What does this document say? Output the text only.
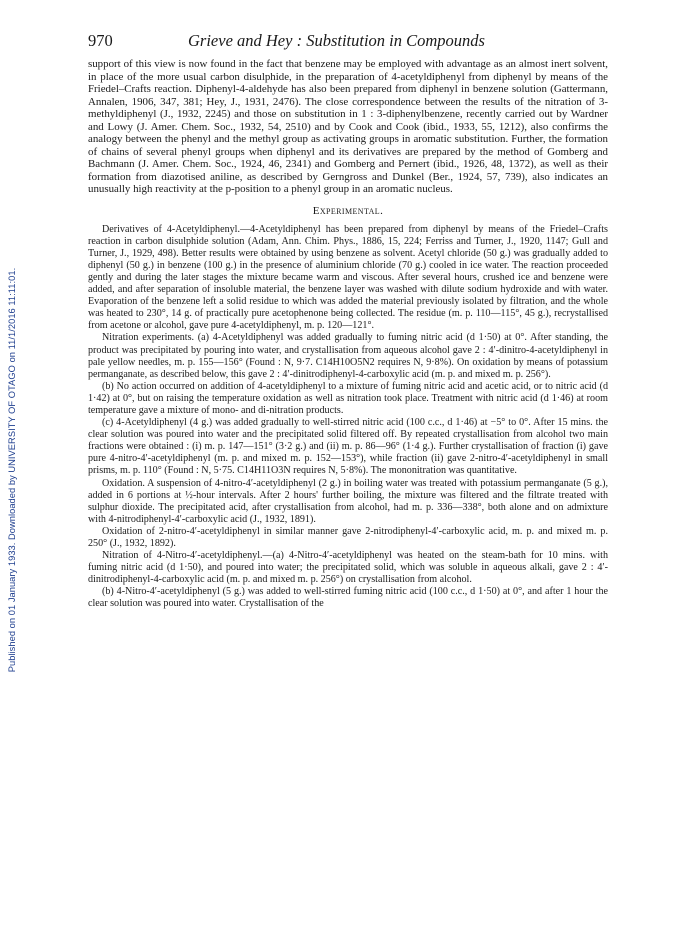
Published on 01 January 1933. Downloaded by UNIVERSITY OF OTAGO on 11/1/2016 11:11:01.
970	Grieve and Hey : Substitution in Compounds

support of this view is now found in the fact that benzene may be employed with advantage as an almost inert solvent, in place of the more usual carbon disulphide, in the preparation of 4-acetyldiphenyl from diphenyl by means of the Friedel–Crafts reaction. Diphenyl-4-aldehyde has also been prepared from diphenyl in benzene solution (Gattermann, Annalen, 1906, 347, 381; Hey, J., 1931, 2476). The close correspondence between the results of the nitration of 3-methyldiphenyl (J., 1932, 2245) and those on substitution in 1 : 3-diphenylbenzene, recently carried out by Wardner and Lowy (J. Amer. Chem. Soc., 1932, 54, 2510) and by Cook and Cook (ibid., 1933, 55, 1212), also confirms the analogy between the phenyl and the methyl group as activating groups in aromatic substitution. Further, the formation of chains of several phenyl groups when diphenyl and its derivatives are prepared by the method of Gomberg and Bachmann (J. Amer. Chem. Soc., 1924, 46, 2341) and Gomberg and Pernert (ibid., 1926, 48, 1372), as well as their formation from diazotised aniline, as described by Gerngross and Dunkel (Ber., 1924, 57, 739), also indicates an unusually high reactivity at the p-position to a phenyl group in an aromatic nucleus.

Experimental.

Derivatives of 4-Acetyldiphenyl.—4-Acetyldiphenyl has been prepared from diphenyl by means of the Friedel–Crafts reaction in carbon disulphide solution (Adam, Ann. Chim. Phys., 1886, 15, 224; Ferriss and Turner, J., 1920, 1147; Gull and Turner, J., 1929, 498). Better results were obtained by using benzene as solvent. Acetyl chloride (50 g.) was gradually added to diphenyl (50 g.) in benzene (100 g.) in the presence of aluminium chloride (70 g.) cooled in ice water. The reaction proceeded gently and during the later stages the mixture became warm and viscous. After several hours, crushed ice and benzene were added, and after separation of insoluble material, the benzene layer was washed with dilute sodium hydroxide and with water. Evaporation of the benzene left a solid residue to which was added the material previously isolated by filtration, and the whole was heated to 230°, 14 g. of practically pure acetophenone being collected. The residue (m. p. 110—115°, 45 g.), recrystallised from acetone or alcohol, gave pure 4-acetyldiphenyl, m. p. 120—121°.

Nitration experiments. (a) 4-Acetyldiphenyl was added gradually to fuming nitric acid (d 1·50) at 0°. After standing, the product was precipitated by pouring into water, and crystallisation from aqueous alcohol gave 2 : 4′-dinitro-4-acetyldiphenyl in pale yellow needles, m. p. 155—156° (Found : N, 9·7. C14H10O5N2 requires N, 9·8%). On oxidation by means of potassium permanganate, as described below, this gave 2 : 4′-dinitrodiphenyl-4-carboxylic acid (m. p. and mixed m. p. 256°).

(b) No action occurred on addition of 4-acetyldiphenyl to a mixture of fuming nitric acid and acetic acid, or to nitric acid (d 1·42) at 0°, but on raising the temperature oxidation as well as nitration took place. Treatment with nitric acid (d 1·46) at room temperature gave a mixture of mono- and di-nitration products.

(c) 4-Acetyldiphenyl (4 g.) was added gradually to well-stirred nitric acid (100 c.c., d 1·46) at −5° to 0°. After 15 mins. the clear solution was poured into water and the precipitated solid filtered off. By repeated crystallisation from alcohol two main fractions were obtained : (i) m. p. 147—151° (3·2 g.) and (ii) m. p. 86—96° (1·4 g.). Further crystallisation of fraction (i) gave pure 4-nitro-4′-acetyldiphenyl (m. p. and mixed m. p. 152—153°), while fraction (ii) gave 2-nitro-4′-acetyldiphenyl in small prisms, m. p. 110° (Found : N, 5·75. C14H11O3N requires N, 5·8%). The mononitration was quantitative.

Oxidation. A suspension of 4-nitro-4′-acetyldiphenyl (2 g.) in boiling water was treated with potassium permanganate (5 g.), added in 6 portions at ½-hour intervals. After 2 hours' further boiling, the mixture was filtered and the filtrate treated with sulphur dioxide. The precipitated acid, after crystallisation from alcohol, had m. p. 336—338°, both alone and on admixture with 4-nitrodiphenyl-4′-carboxylic acid (J., 1932, 1891).

Oxidation of 2-nitro-4′-acetyldiphenyl in similar manner gave 2-nitrodiphenyl-4′-carboxylic acid, m. p. and mixed m. p. 250° (J., 1932, 1892).

Nitration of 4-Nitro-4′-acetyldiphenyl.—(a) 4-Nitro-4′-acetyldiphenyl was heated on the steam-bath for 10 mins. with fuming nitric acid (d 1·50), and poured into water; the precipitated solid, which was soluble in aqueous alkali, gave 2 : 4′-dinitrodiphenyl-4-carboxylic acid (m. p. and mixed m. p. 256°) on crystallisation from alcohol.

(b) 4-Nitro-4′-acetyldiphenyl (5 g.) was added to well-stirred fuming nitric acid (100 c.c., d 1·50) at 0°, and after 1 hour the clear solution was poured into water. Crystallisation of the
